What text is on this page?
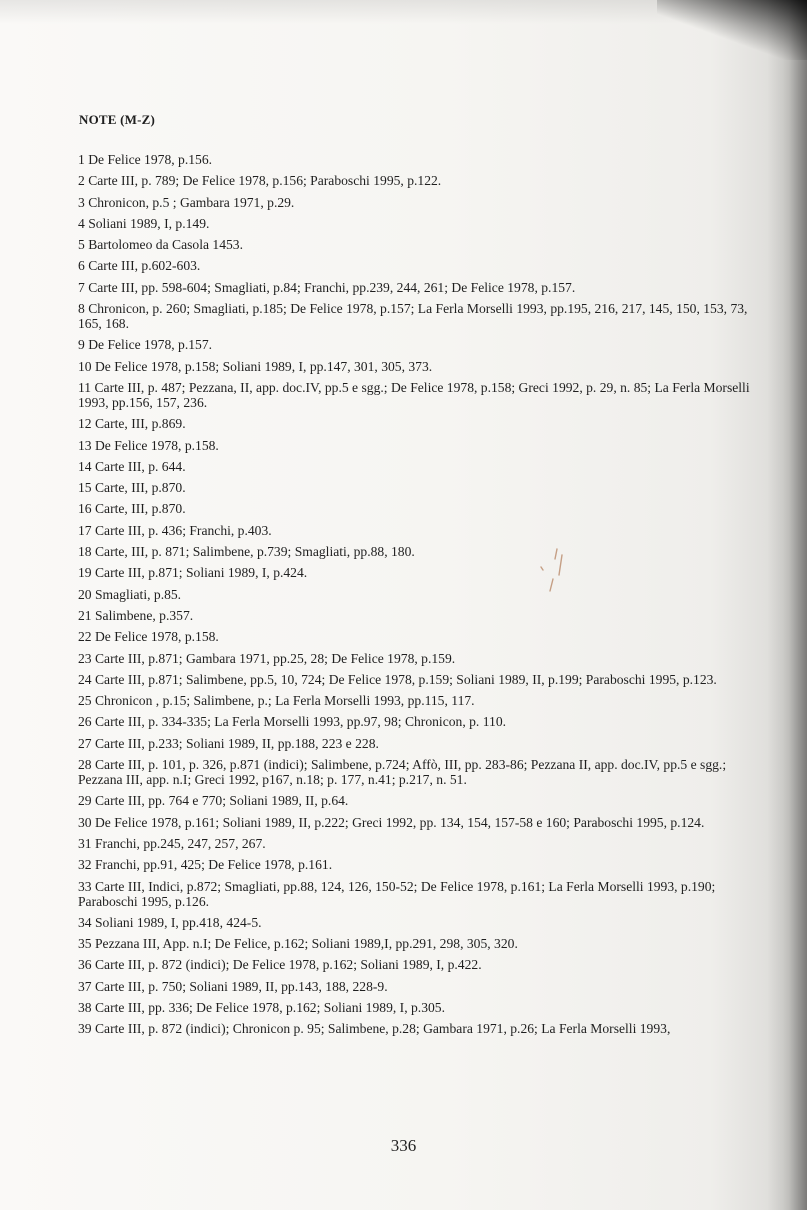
NOTE (M-Z)
1 De Felice 1978, p.156.
2 Carte III, p. 789; De Felice 1978, p.156; Paraboschi 1995, p.122.
3 Chronicon, p.5 ; Gambara 1971, p.29.
4 Soliani 1989, I, p.149.
5 Bartolomeo da Casola 1453.
6 Carte III, p.602-603.
7 Carte III, pp. 598-604; Smagliati, p.84; Franchi, pp.239, 244, 261; De Felice 1978, p.157.
8 Chronicon, p. 260; Smagliati, p.185; De Felice 1978, p.157; La Ferla Morselli 1993, pp.195, 216, 217, 145, 150, 153, 73, 165, 168.
9 De Felice 1978, p.157.
10 De Felice 1978, p.158; Soliani 1989, I, pp.147, 301, 305, 373.
11 Carte III, p. 487; Pezzana, II, app. doc.IV, pp.5 e sgg.; De Felice 1978, p.158; Greci 1992, p. 29, n. 85; La Ferla Morselli 1993, pp.156, 157, 236.
12 Carte, III, p.869.
13 De Felice 1978, p.158.
14 Carte III, p. 644.
15 Carte, III, p.870.
16 Carte, III, p.870.
17 Carte III, p. 436; Franchi, p.403.
18 Carte, III, p. 871; Salimbene, p.739; Smagliati, pp.88, 180.
19 Carte III, p.871; Soliani 1989, I, p.424.
20 Smagliati, p.85.
21 Salimbene, p.357.
22 De Felice 1978, p.158.
23 Carte III, p.871; Gambara 1971, pp.25, 28; De Felice 1978, p.159.
24 Carte III, p.871; Salimbene, pp.5, 10, 724; De Felice 1978, p.159; Soliani 1989, II, p.199; Paraboschi 1995, p.123.
25 Chronicon , p.15; Salimbene, p.; La Ferla Morselli 1993, pp.115, 117.
26 Carte III, p. 334-335; La Ferla Morselli 1993, pp.97, 98; Chronicon, p. 110.
27 Carte III, p.233; Soliani 1989, II, pp.188, 223 e 228.
28 Carte III, p. 101, p. 326, p.871 (indici); Salimbene, p.724; Affò, III, pp. 283-86; Pezzana II, app. doc.IV, pp.5 e sgg.; Pezzana III, app. n.I; Greci 1992, p167, n.18; p. 177, n.41; p.217, n. 51.
29 Carte III, pp. 764 e 770; Soliani 1989, II, p.64.
30 De Felice 1978, p.161; Soliani 1989, II, p.222; Greci 1992, pp. 134, 154, 157-58 e 160; Paraboschi 1995, p.124.
31 Franchi, pp.245, 247, 257, 267.
32 Franchi, pp.91, 425; De Felice 1978, p.161.
33 Carte III, Indici, p.872; Smagliati, pp.88, 124, 126, 150-52; De Felice 1978, p.161; La Ferla Morselli 1993, p.190; Paraboschi 1995, p.126.
34 Soliani 1989, I, pp.418, 424-5.
35 Pezzana III, App. n.I; De Felice, p.162; Soliani 1989,I, pp.291, 298, 305, 320.
36 Carte III, p. 872 (indici); De Felice 1978, p.162; Soliani 1989, I, p.422.
37 Carte III, p. 750; Soliani 1989, II, pp.143, 188, 228-9.
38 Carte III, pp. 336; De Felice 1978, p.162; Soliani 1989, I, p.305.
39 Carte III, p. 872 (indici); Chronicon p. 95; Salimbene, p.28; Gambara 1971, p.26; La Ferla Morselli 1993,
336
